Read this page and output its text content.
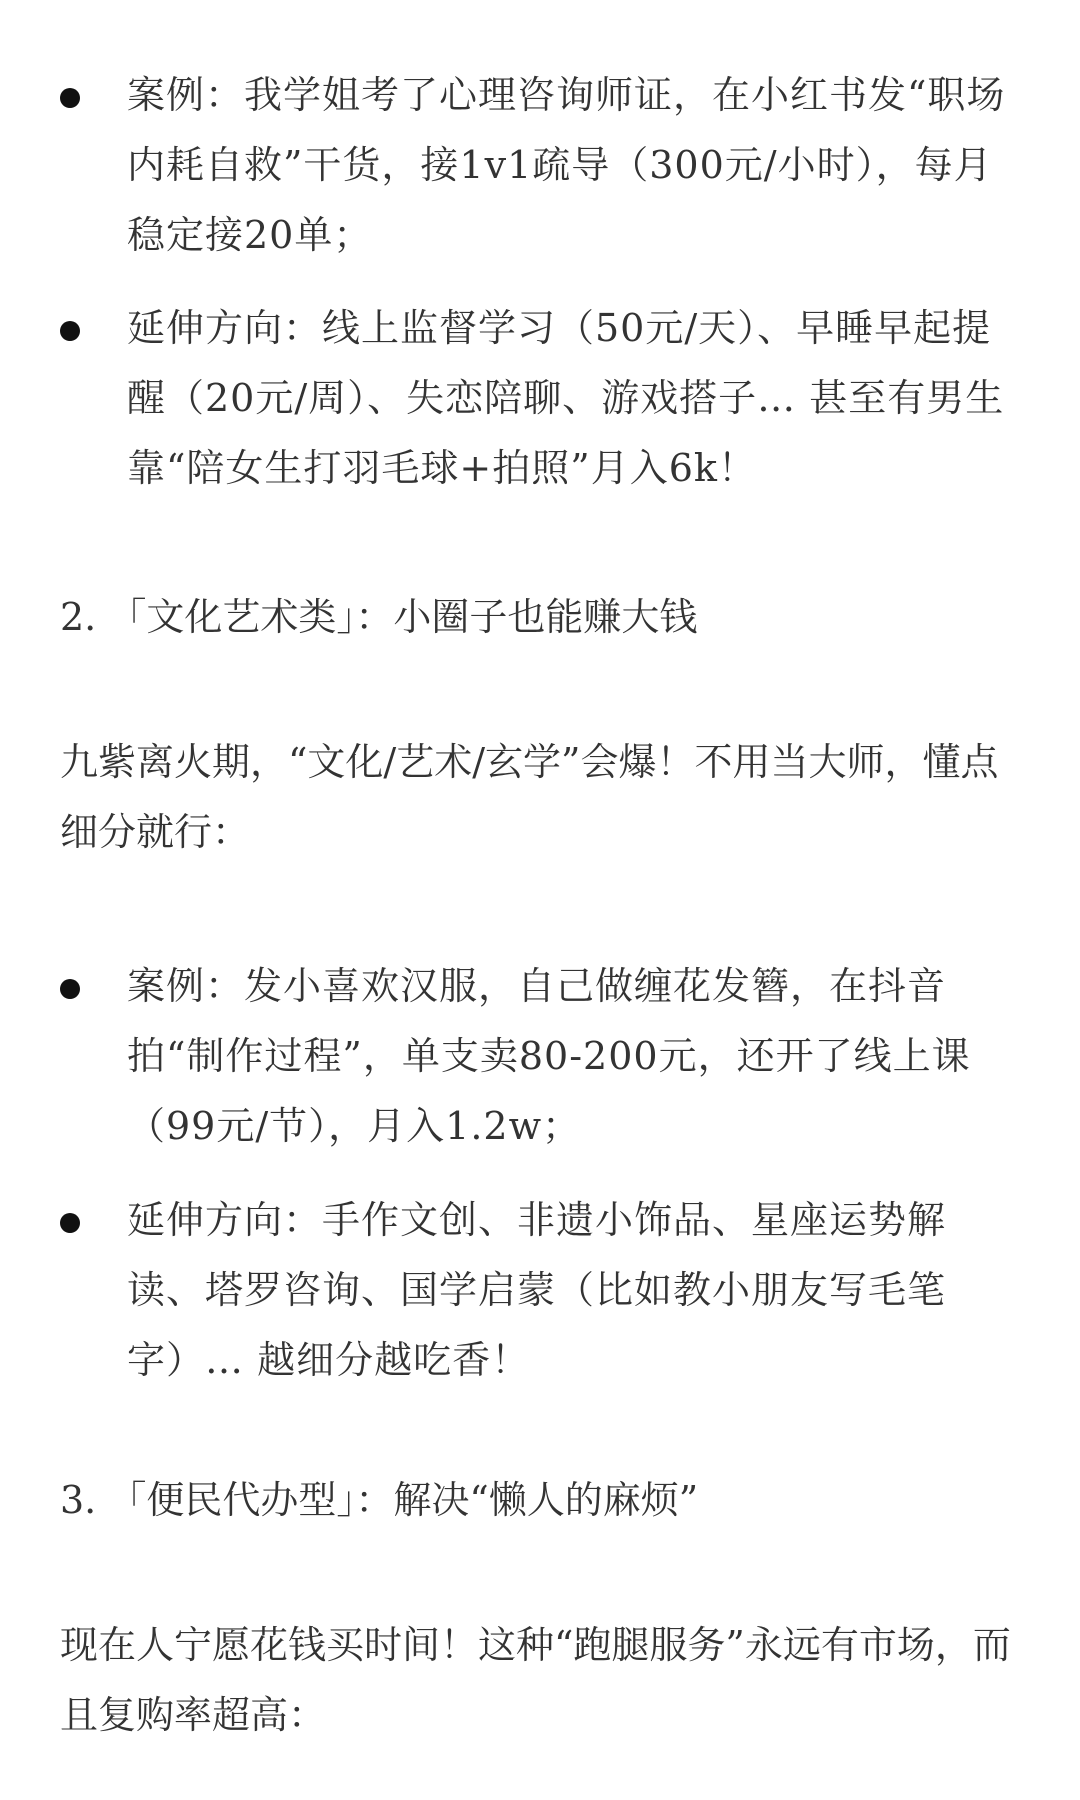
案例：我学姐考了心理咨询师证，在小红书发“职场内耗自救”干货，接1v1疏导（300元/小时），每月稳定接20单；
延伸方向：线上监督学习（50元/天）、早睡早起提醒（20元/周）、失恋陪聊、游戏搭子… 甚至有男生靠“陪女生打羽毛球+拍照”月入6k！
2. 「文化艺术类」：小圈子也能赚大钱
九紫离火期，“文化/艺术/玄学”会爆！不用当大师，懂点细分就行：
案例：发小喜欢汉服，自己做缠花发簪，在抖音拍“制作过程”，单支卖80-200元，还开了线上课（99元/节），月入1.2w；
延伸方向：手作文创、非遗小饰品、星座运势解读、塔罗咨询、国学启蒙（比如教小朋友写毛笔字）… 越细分越吃香！
3. 「便民代办型」：解决“懒人的麻烦”
现在人宁愿花钱买时间！这种“跑腿服务”永远有市场，而且复购率超高：
